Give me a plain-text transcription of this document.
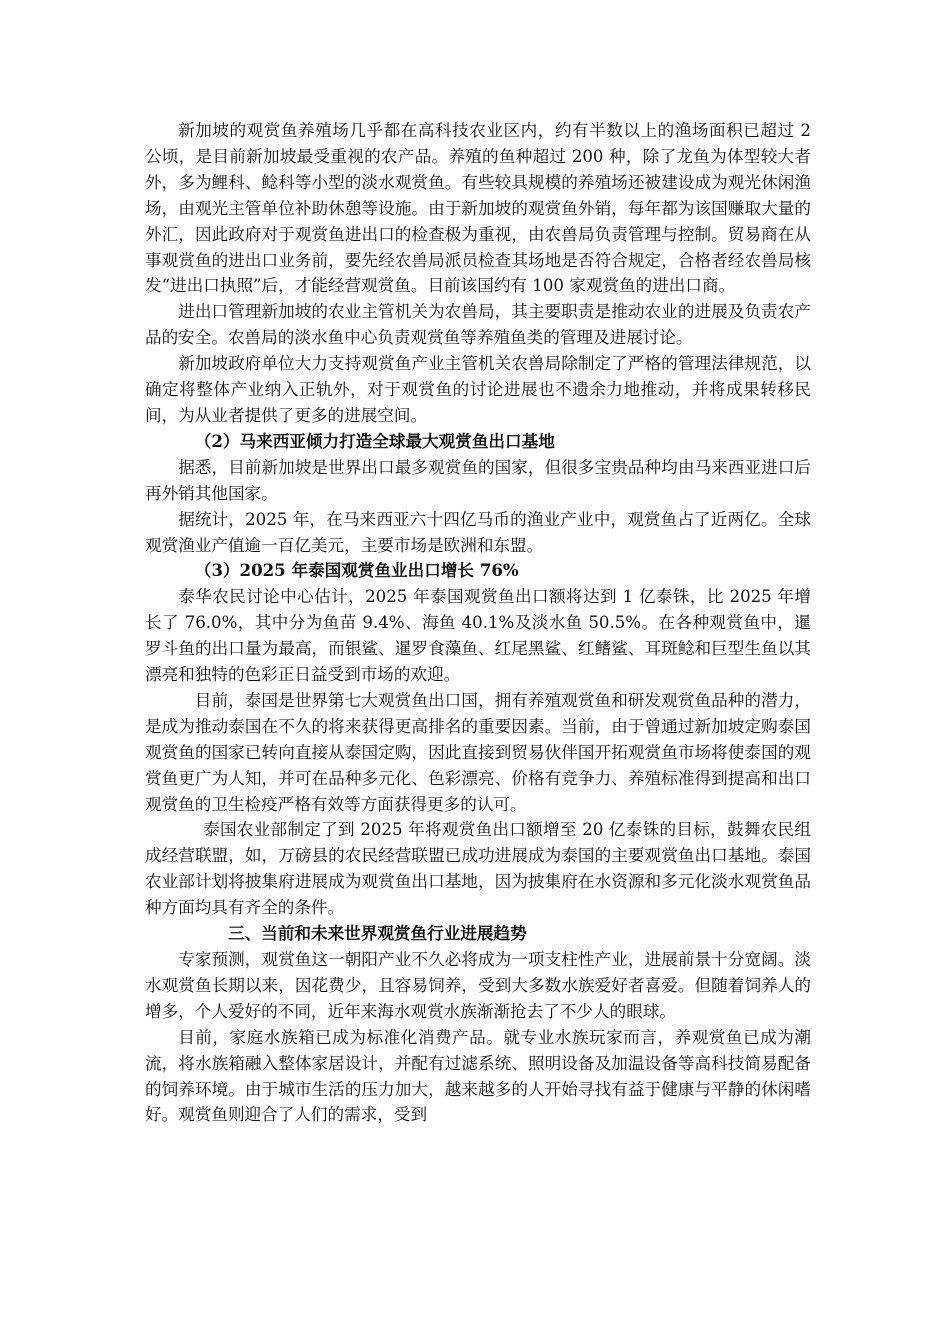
新加坡的观赏鱼养殖场几乎都在高科技农业区内，约有半数以上的渔场面积已超过 2 公顷，是目前新加坡最受重视的农产品。养殖的鱼种超过 200 种，除了龙鱼为体型较大者外，多为鲤科、鲶科等小型的淡水观赏鱼。有些较具规模的养殖场还被建设成为观光休闲渔场，由观光主管单位补助休憩等设施。由于新加坡的观赏鱼外销，每年都为该国赚取大量的外汇，因此政府对于观赏鱼进出口的检查极为重视，由农兽局负责管理与控制。贸易商在从事观赏鱼的进出口业务前，要先经农兽局派员检查其场地是否符合规定，合格者经农兽局核发“进出口执照”后，才能经营观赏鱼。目前该国约有 100 家观赏鱼的进出口商。

进出口管理新加坡的农业主管机关为农兽局，其主要职责是推动农业的进展及负责农产品的安全。农兽局的淡水鱼中心负责观赏鱼等养殖鱼类的管理及进展讨论。

新加坡政府单位大力支持观赏鱼产业主管机关农兽局除制定了严格的管理法律规范，以确定将整体产业纳入正轨外，对于观赏鱼的讨论进展也不遗余力地推动，并将成果转移民间，为从业者提供了更多的进展空间。

（2）马来西亚倾力打造全球最大观赏鱼出口基地

据悉，目前新加坡是世界出口最多观赏鱼的国家，但很多宝贵品种均由马来西亚进口后再外销其他国家。

据统计，2025 年，在马来西亚六十四亿马币的渔业产业中，观赏鱼占了近两亿。全球观赏渔业产值逾一百亿美元，主要市场是欧洲和东盟。

（3）2025 年泰国观赏鱼业出口增长 76%

泰华农民讨论中心估计，2025 年泰国观赏鱼出口额将达到 1 亿泰铢，比 2025 年增长了 76.0%，其中分为鱼苗 9.4%、海鱼 40.1%及淡水鱼 50.5%。在各种观赏鱼中，暹罗斗鱼的出口量为最高，而银鲨、暹罗食藻鱼、红尾黑鲨、红鳍鲨、耳斑鲶和巨型生鱼以其漂亮和独特的色彩正日益受到市场的欢迎。

目前，泰国是世界第七大观赏鱼出口国，拥有养殖观赏鱼和研发观赏鱼品种的潜力，是成为推动泰国在不久的将来获得更高排名的重要因素。当前，由于曾通过新加坡定购泰国观赏鱼的国家已转向直接从泰国定购，因此直接到贸易伙伴国开拓观赏鱼市场将使泰国的观赏鱼更广为人知，并可在品种多元化、色彩漂亮、价格有竞争力、养殖标准得到提高和出口观赏鱼的卫生检疫严格有效等方面获得更多的认可。

泰国农业部制定了到 2025 年将观赏鱼出口额增至 20 亿泰铢的目标，鼓舞农民组成经营联盟，如，万磅县的农民经营联盟已成功进展成为泰国的主要观赏鱼出口基地。泰国农业部计划将披集府进展成为观赏鱼出口基地，因为披集府在水资源和多元化淡水观赏鱼品种方面均具有齐全的条件。

三、当前和未来世界观赏鱼行业进展趋势

专家预测，观赏鱼这一朝阳产业不久必将成为一项支柱性产业，进展前景十分宽阔。淡水观赏鱼长期以来，因花费少，且容易饲养，受到大多数水族爱好者喜爱。但随着饲养人的增多，个人爱好的不同，近年来海水观赏水族渐渐抢去了不少人的眼球。

目前，家庭水族箱已成为标准化消费产品。就专业水族玩家而言，养观赏鱼已成为潮流，将水族箱融入整体家居设计，并配有过滤系统、照明设备及加温设备等高科技简易配备的饲养环境。由于城市生活的压力加大，越来越多的人开始寻找有益于健康与平静的休闲嗜好。观赏鱼则迎合了人们的需求，受到
